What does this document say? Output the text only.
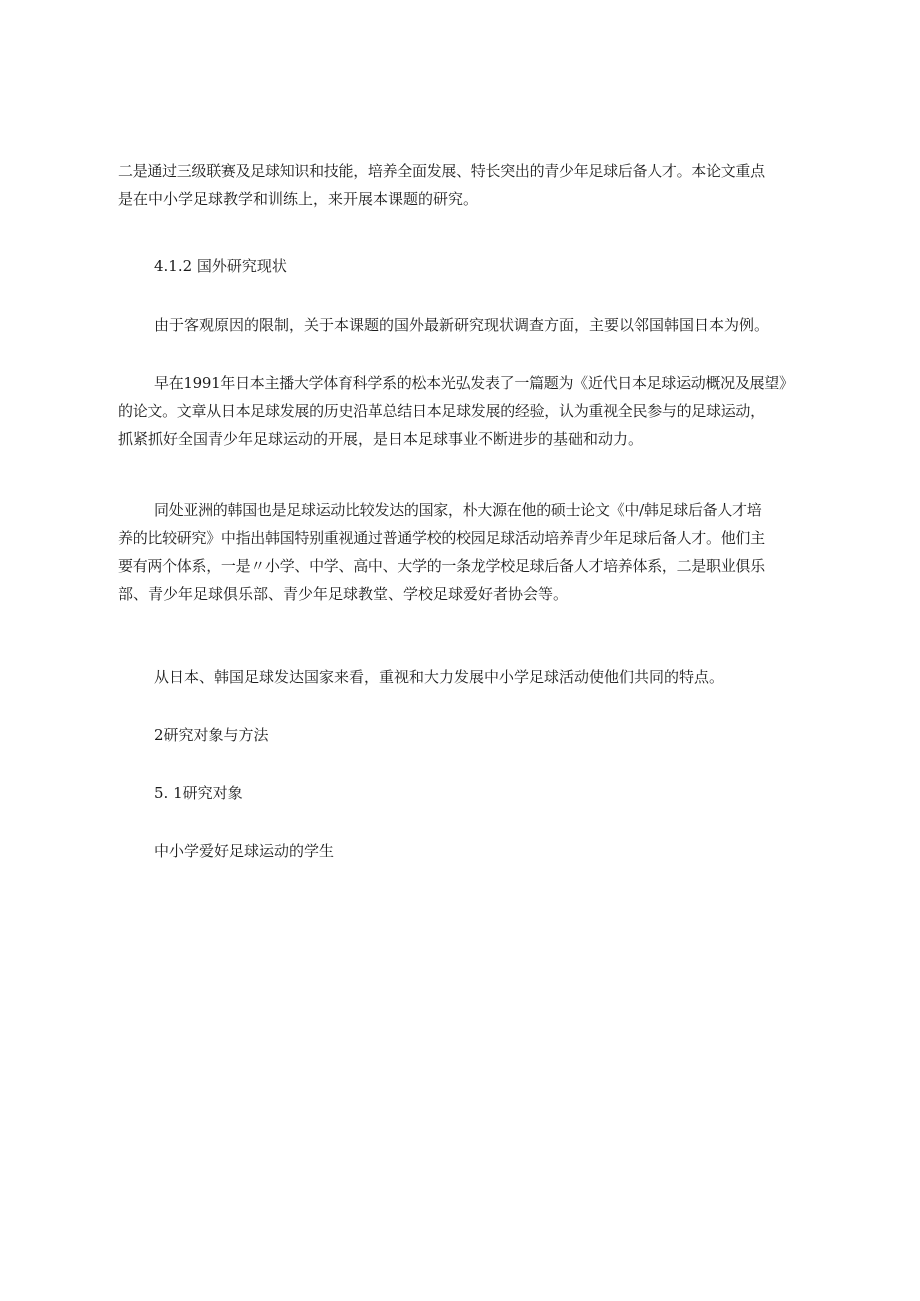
二是通过三级联赛及足球知识和技能，培养全面发展、特长突出的青少年足球后备人才。本论文重点
是在中小学足球教学和训练上，来开展本课题的研究。
4.1.2 国外研究现状
由于客观原因的限制，关于本课题的国外最新研究现状调查方面，主要以邻国韩国日本为例。
早在1991年日本主播大学体育科学系的松本光弘发表了一篇题为《近代日本足球运动概况及展望》
的论文。文章从日本足球发展的历史沿革总结日本足球发展的经验，认为重视全民参与的足球运动，
抓紧抓好全国青少年足球运动的开展，是日本足球事业不断进步的基础和动力。
同处亚洲的韩国也是足球运动比较发达的国家，朴大源在他的硕士论文《中/韩足球后备人才培
养的比较研究》中指出韩国特别重视通过普通学校的校园足球活动培养青少年足球后备人才。他们主
要有两个体系，一是〃小学、中学、高中、大学的一条龙学校足球后备人才培养体系，二是职业俱乐
部、青少年足球俱乐部、青少年足球教堂、学校足球爱好者协会等。
从日本、韩国足球发达国家来看，重视和大力发展中小学足球活动使他们共同的特点。
2研究对象与方法
5. 1研究对象
中小学爱好足球运动的学生
